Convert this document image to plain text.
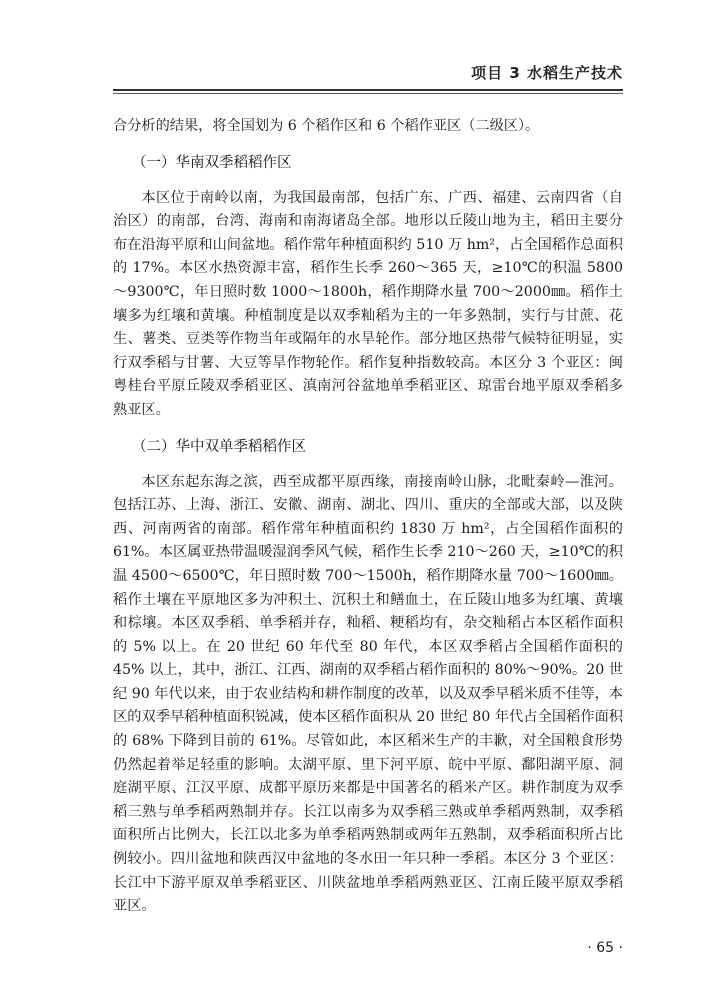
项目 3 水稻生产技术

合分析的结果，将全国划为 6 个稻作区和 6 个稻作亚区（二级区）。

（一）华南双季稻稻作区

本区位于南岭以南，为我国最南部，包括广东、广西、福建、云南四省（自治区）的南部，台湾、海南和南海诸岛全部。地形以丘陵山地为主，稻田主要分布在沿海平原和山间盆地。稻作常年种植面积约 510 万 hm²，占全国稻作总面积的 17%。本区水热资源丰富，稻作生长季 260～365 天，≥10℃的积温 5800～9300℃，年日照时数 1000～1800h，稻作期降水量 700～2000㎜。稻作土壤多为红壤和黄壤。种植制度是以双季籼稻为主的一年多熟制，实行与甘蔗、花生、薯类、豆类等作物当年或隔年的水旱轮作。部分地区热带气候特征明显，实行双季稻与甘薯、大豆等旱作物轮作。稻作复种指数较高。本区分 3 个亚区：闽粤桂台平原丘陵双季稻亚区、滇南河谷盆地单季稻亚区、琼雷台地平原双季稻多熟亚区。

（二）华中双单季稻稻作区

本区东起东海之滨，西至成都平原西缘，南接南岭山脉，北毗秦岭—淮河。包括江苏、上海、浙江、安徽、湖南、湖北、四川、重庆的全部或大部，以及陕西、河南两省的南部。稻作常年种植面积约 1830 万 hm²，占全国稻作面积的 61%。本区属亚热带温暖湿润季风气候，稻作生长季 210～260 天，≥10℃的积温 4500～6500℃，年日照时数 700～1500h，稻作期降水量 700～1600㎜。稻作土壤在平原地区多为冲积土、沉积土和鳝血土，在丘陵山地多为红壤、黄壤和棕壤。本区双季稻、单季稻并存，籼稻、粳稻均有，杂交籼稻占本区稻作面积的 5% 以上。在 20 世纪 60 年代至 80 年代，本区双季稻占全国稻作面积的 45% 以上，其中，浙江、江西、湖南的双季稻占稻作面积的 80%～90%。20 世纪 90 年代以来，由于农业结构和耕作制度的改革，以及双季早稻米质不佳等，本区的双季早稻种植面积锐减，使本区稻作面积从 20 世纪 80 年代占全国稻作面积的 68% 下降到目前的 61%。尽管如此，本区稻米生产的丰歉，对全国粮食形势仍然起着举足轻重的影响。太湖平原、里下河平原、皖中平原、鄱阳湖平原、洞庭湖平原、江汉平原、成都平原历来都是中国著名的稻米产区。耕作制度为双季稻三熟与单季稻两熟制并存。长江以南多为双季稻三熟或单季稻两熟制，双季稻面积所占比例大，长江以北多为单季稻两熟制或两年五熟制，双季稻面积所占比例较小。四川盆地和陕西汉中盆地的冬水田一年只种一季稻。本区分 3 个亚区：长江中下游平原双单季稻亚区、川陕盆地单季稻两熟亚区、江南丘陵平原双季稻亚区。

· 65 ·
